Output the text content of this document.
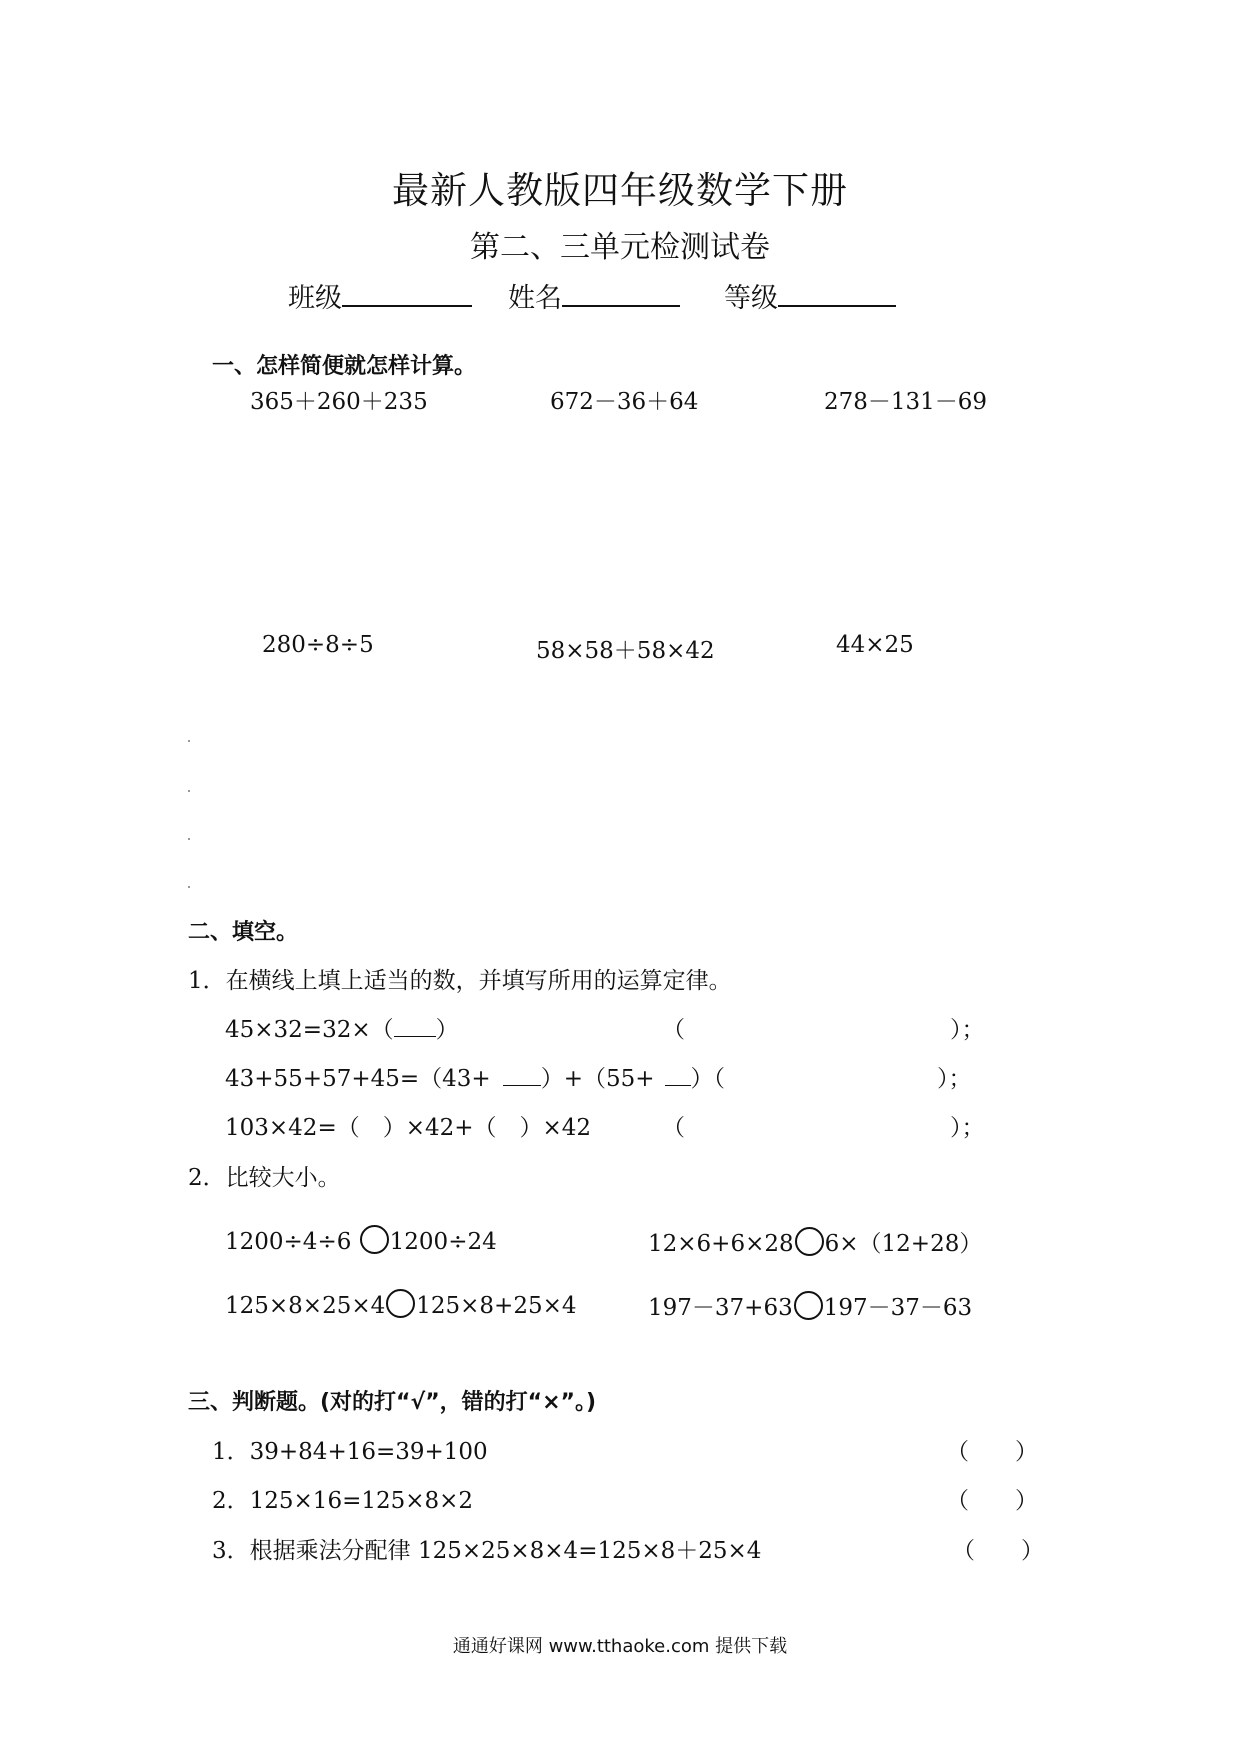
最新人教版四年级数学下册
第二、三单元检测试卷
班级	姓名	等级
一、怎样简便就怎样计算。
365＋260＋235	672－36＋64	278－131－69
280÷8÷5	58×58＋58×42	44×25
二、填空。
1．在横线上填上适当的数，并填写所用的运算定律。
45×32=32×（ ）	（	）；
43+55+57+45=（43+ ）+（55+ ）（	）；
103×42=（　）×42+（　）×42	（	）；
2．比较大小。
1200÷4÷6 1200÷24	12×6+6×28 6×（12+28）
125×8×25×4 125×8+25×4	197－37+63 197－37－63
三、判断题。(对的打“√”，错的打“×”。)
1．39+84+16=39+100	（　　）
2．125×16=125×8×2	（　　）
3．根据乘法分配律 125×25×8×4=125×8＋25×4	（　　）
通通好课网 www.tthaoke.com 提供下载
